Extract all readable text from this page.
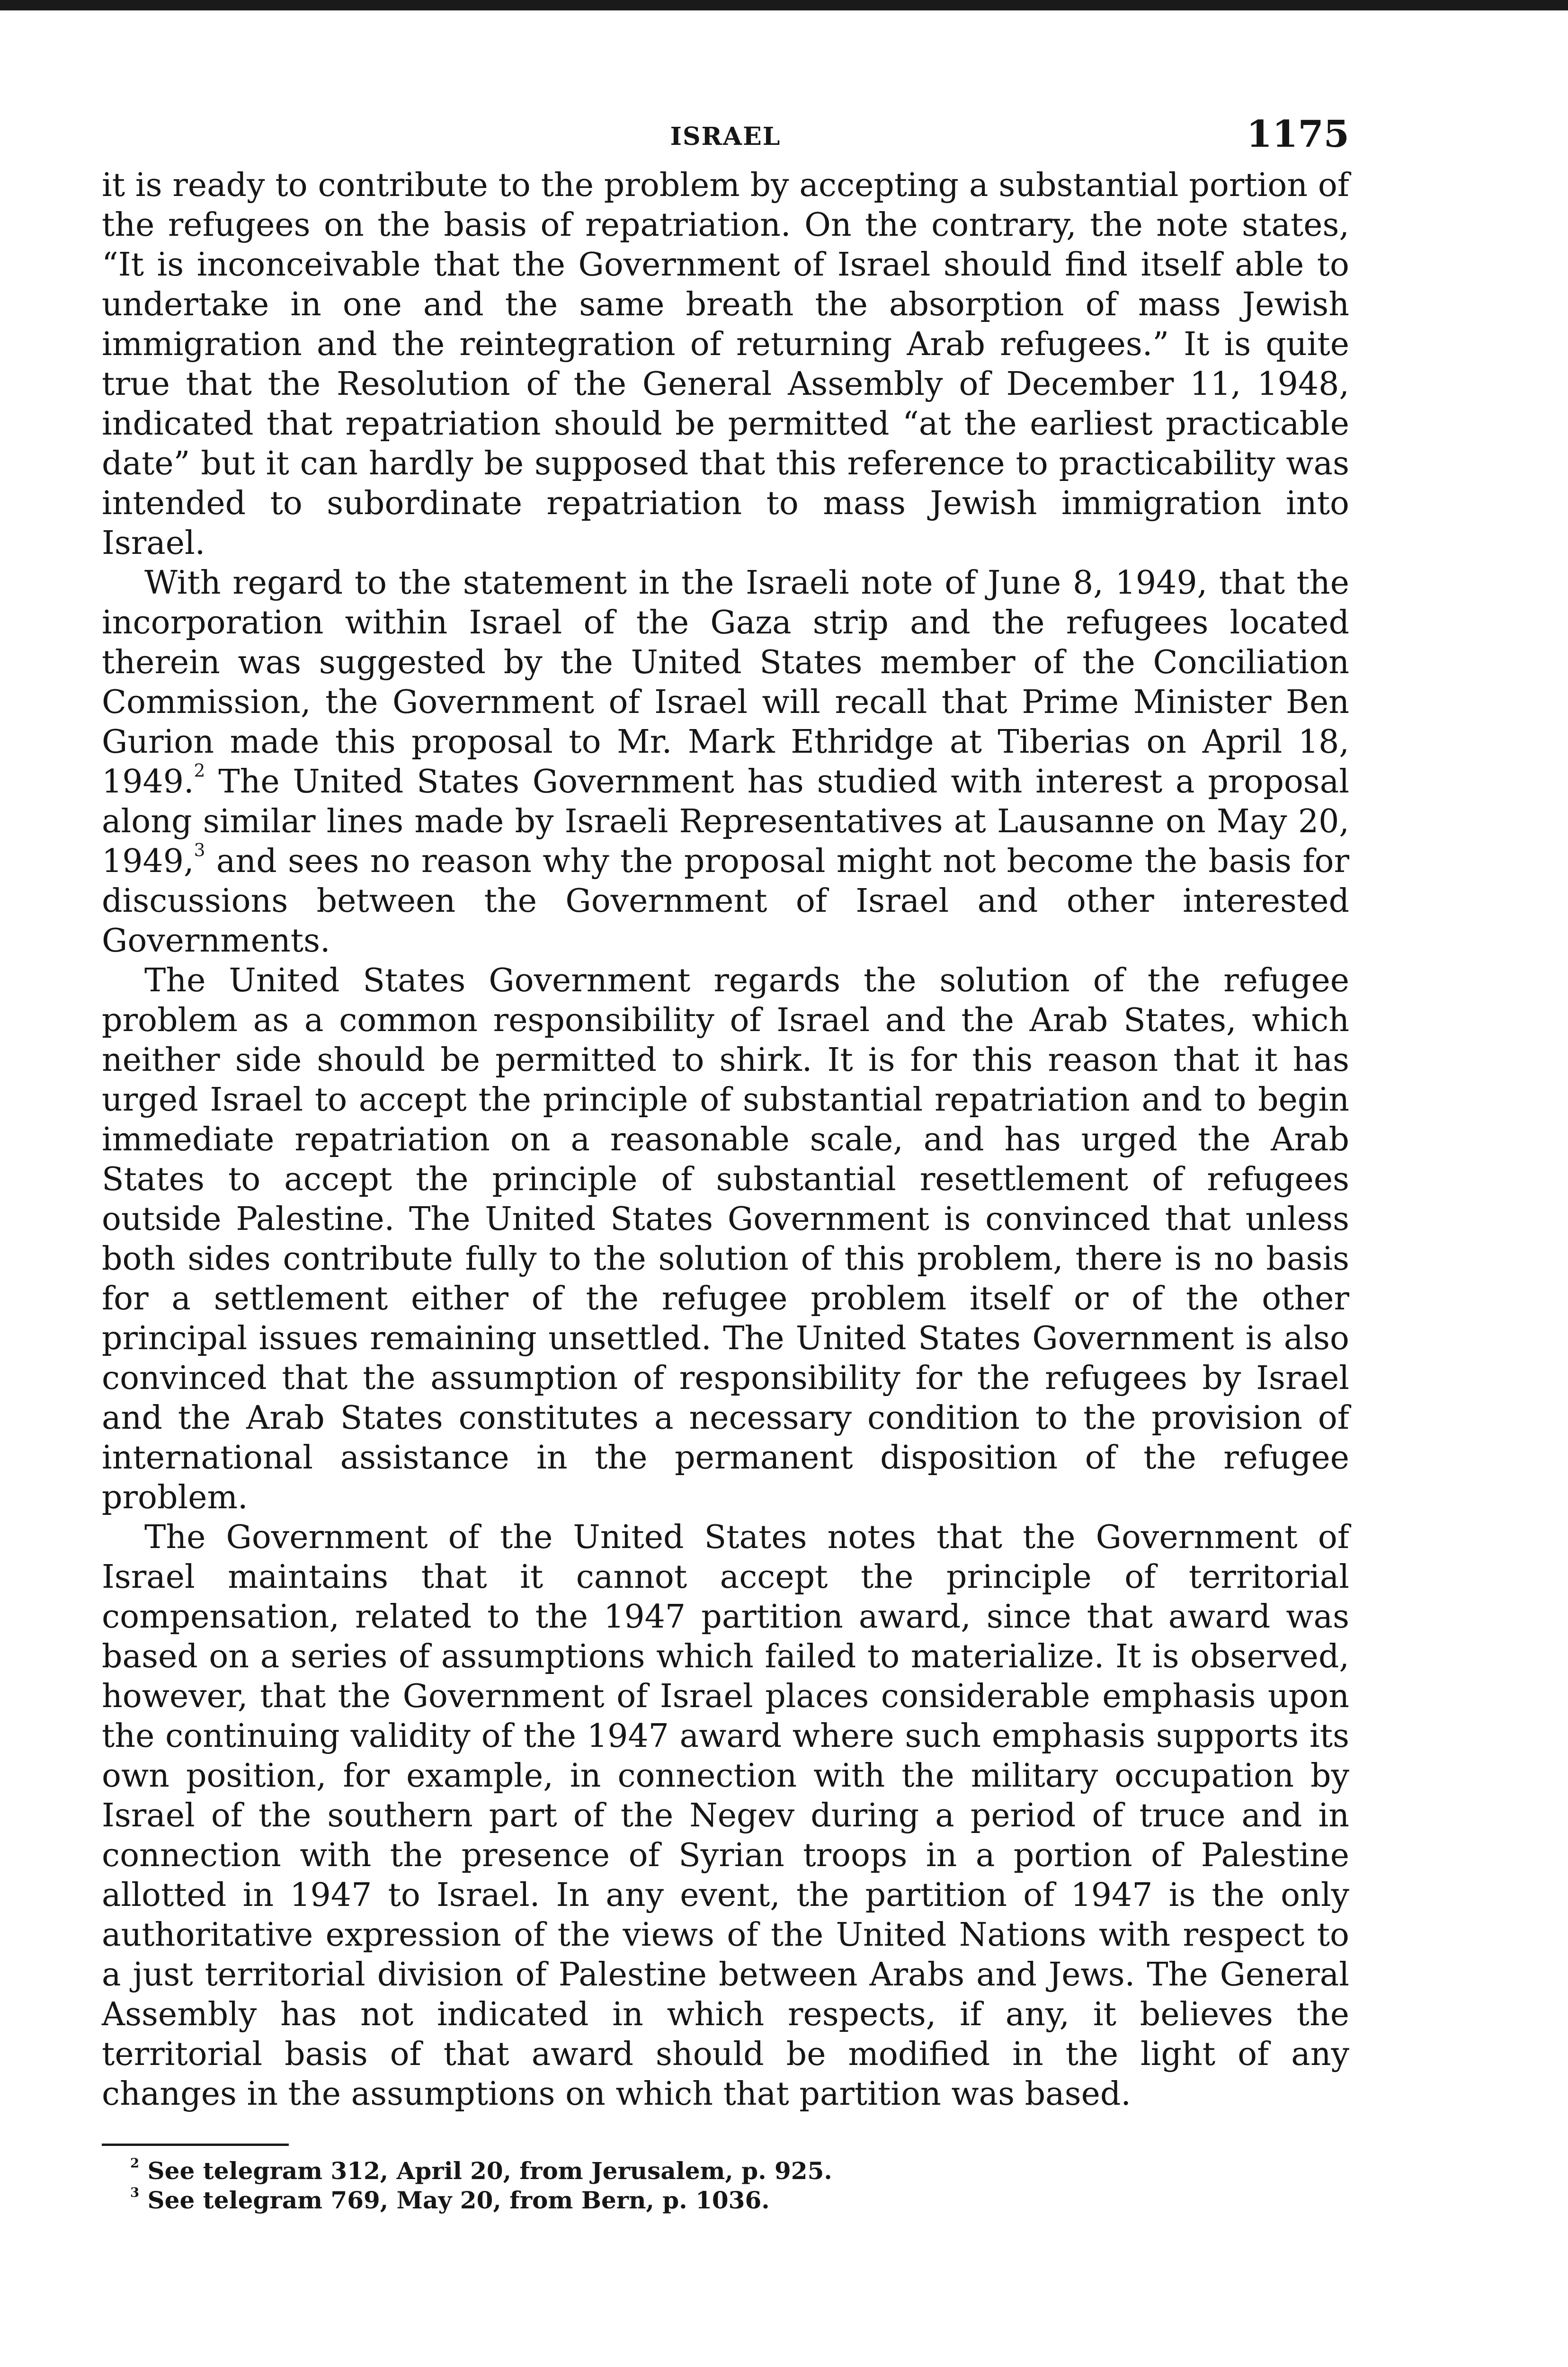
ISRAEL	1175

it is ready to contribute to the problem by accepting a substantial portion of the refugees on the basis of repatriation. On the contrary, the note states, “It is inconceivable that the Government of Israel should find itself able to undertake in one and the same breath the absorption of mass Jewish immigration and the reintegration of returning Arab refugees.” It is quite true that the Resolution of the General Assembly of December 11, 1948, indicated that repatriation should be permitted “at the earliest practicable date” but it can hardly be supposed that this reference to practicability was intended to subordinate repatriation to mass Jewish immigration into Israel.

With regard to the statement in the Israeli note of June 8, 1949, that the incorporation within Israel of the Gaza strip and the refugees located therein was suggested by the United States member of the Conciliation Commission, the Government of Israel will recall that Prime Minister Ben Gurion made this proposal to Mr. Mark Ethridge at Tiberias on April 18, 1949.$^2$ The United States Government has studied with interest a proposal along similar lines made by Israeli Representatives at Lausanne on May 20, 1949,$^3$ and sees no reason why the proposal might not become the basis for discussions between the Government of Israel and other interested Governments.

The United States Government regards the solution of the refugee problem as a common responsibility of Israel and the Arab States, which neither side should be permitted to shirk. It is for this reason that it has urged Israel to accept the principle of substantial repatriation and to begin immediate repatriation on a reasonable scale, and has urged the Arab States to accept the principle of substantial resettlement of refugees outside Palestine. The United States Government is convinced that unless both sides contribute fully to the solution of this problem, there is no basis for a settlement either of the refugee problem itself or of the other principal issues remaining unsettled. The United States Government is also convinced that the assumption of responsibility for the refugees by Israel and the Arab States constitutes a necessary condition to the provision of international assistance in the permanent disposition of the refugee problem.

The Government of the United States notes that the Government of Israel maintains that it cannot accept the principle of territorial compensation, related to the 1947 partition award, since that award was based on a series of assumptions which failed to materialize. It is observed, however, that the Government of Israel places considerable emphasis upon the continuing validity of the 1947 award where such emphasis supports its own position, for example, in connection with the military occupation by Israel of the southern part of the Negev during a period of truce and in connection with the presence of Syrian troops in a portion of Palestine allotted in 1947 to Israel. In any event, the partition of 1947 is the only authoritative expression of the views of the United Nations with respect to a just territorial division of Palestine between Arabs and Jews. The General Assembly has not indicated in which respects, if any, it believes the territorial basis of that award should be modified in the light of any changes in the assumptions on which that partition was based.

$^2$ See telegram 312, April 20, from Jerusalem, p. 925.

$^3$ See telegram 769, May 20, from Bern, p. 1036.
